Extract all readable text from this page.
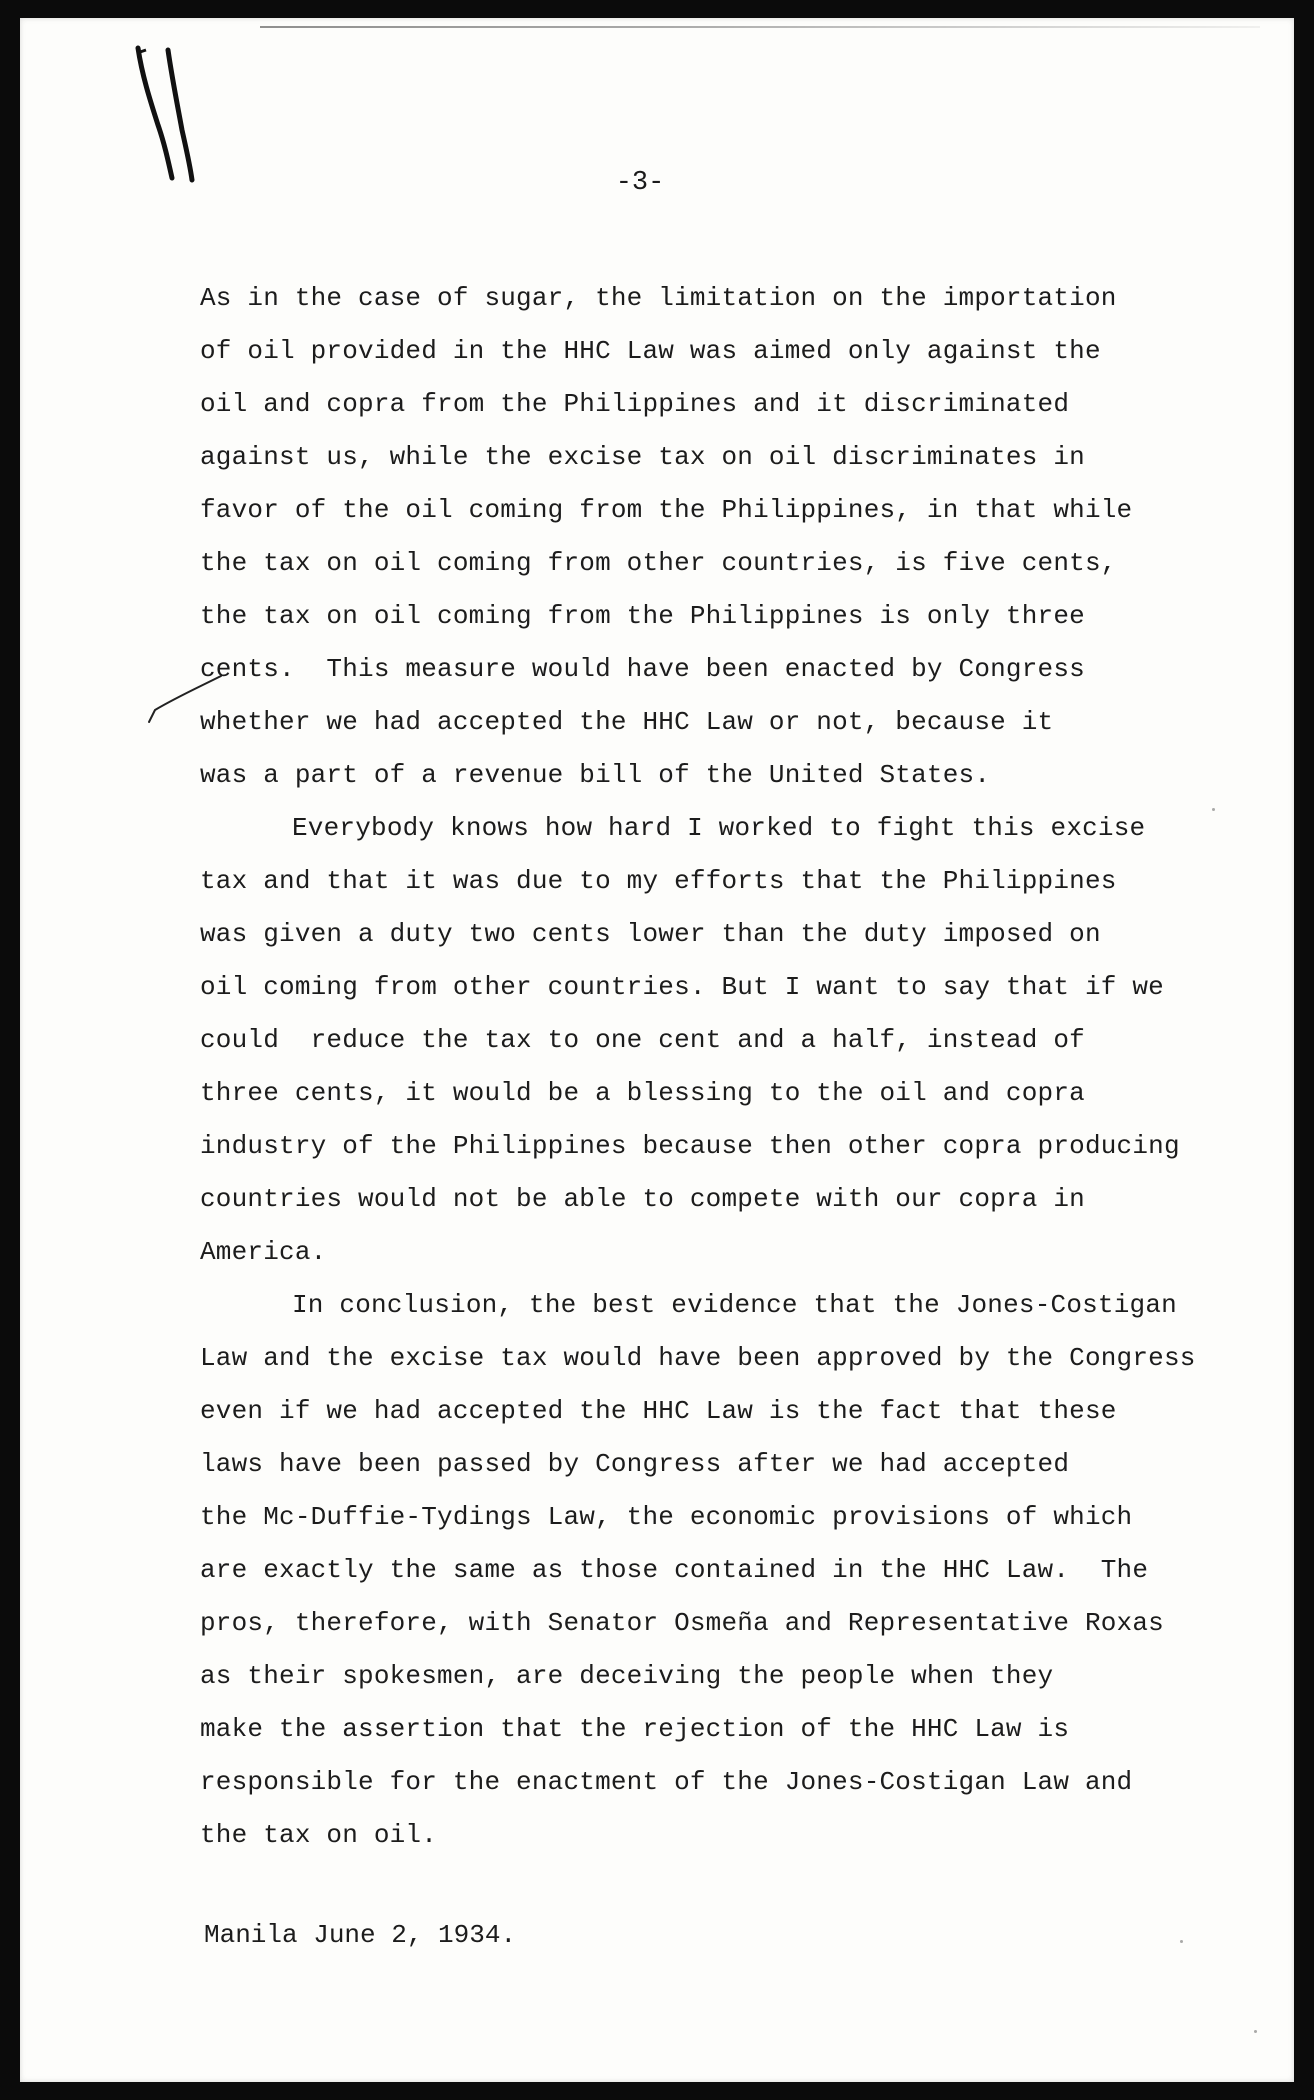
-3-
As in the case of sugar, the limitation on the importation
of oil provided in the HHC Law was aimed only against the
oil and copra from the Philippines and it discriminated
against us, while the excise tax on oil discriminates in
favor of the oil coming from the Philippines, in that while
the tax on oil coming from other countries, is five cents,
the tax on oil coming from the Philippines is only three
cents.  This measure would have been enacted by Congress
whether we had accepted the HHC Law or not, because it
was a part of a revenue bill of the United States.
Everybody knows how hard I worked to fight this excise
tax and that it was due to my efforts that the Philippines
was given a duty two cents lower than the duty imposed on
oil coming from other countries. But I want to say that if we
could  reduce the tax to one cent and a half, instead of
three cents, it would be a blessing to the oil and copra
industry of the Philippines because then other copra producing
countries would not be able to compete with our copra in
America.
In conclusion, the best evidence that the Jones-Costigan
Law and the excise tax would have been approved by the Congress
even if we had accepted the HHC Law is the fact that these
laws have been passed by Congress after we had accepted
the Mc-Duffie-Tydings Law, the economic provisions of which
are exactly the same as those contained in the HHC Law.  The
pros, therefore, with Senator Osmeña and Representative Roxas
as their spokesmen, are deceiving the people when they
make the assertion that the rejection of the HHC Law is
responsible for the enactment of the Jones-Costigan Law and
the tax on oil.
Manila June 2, 1934.
